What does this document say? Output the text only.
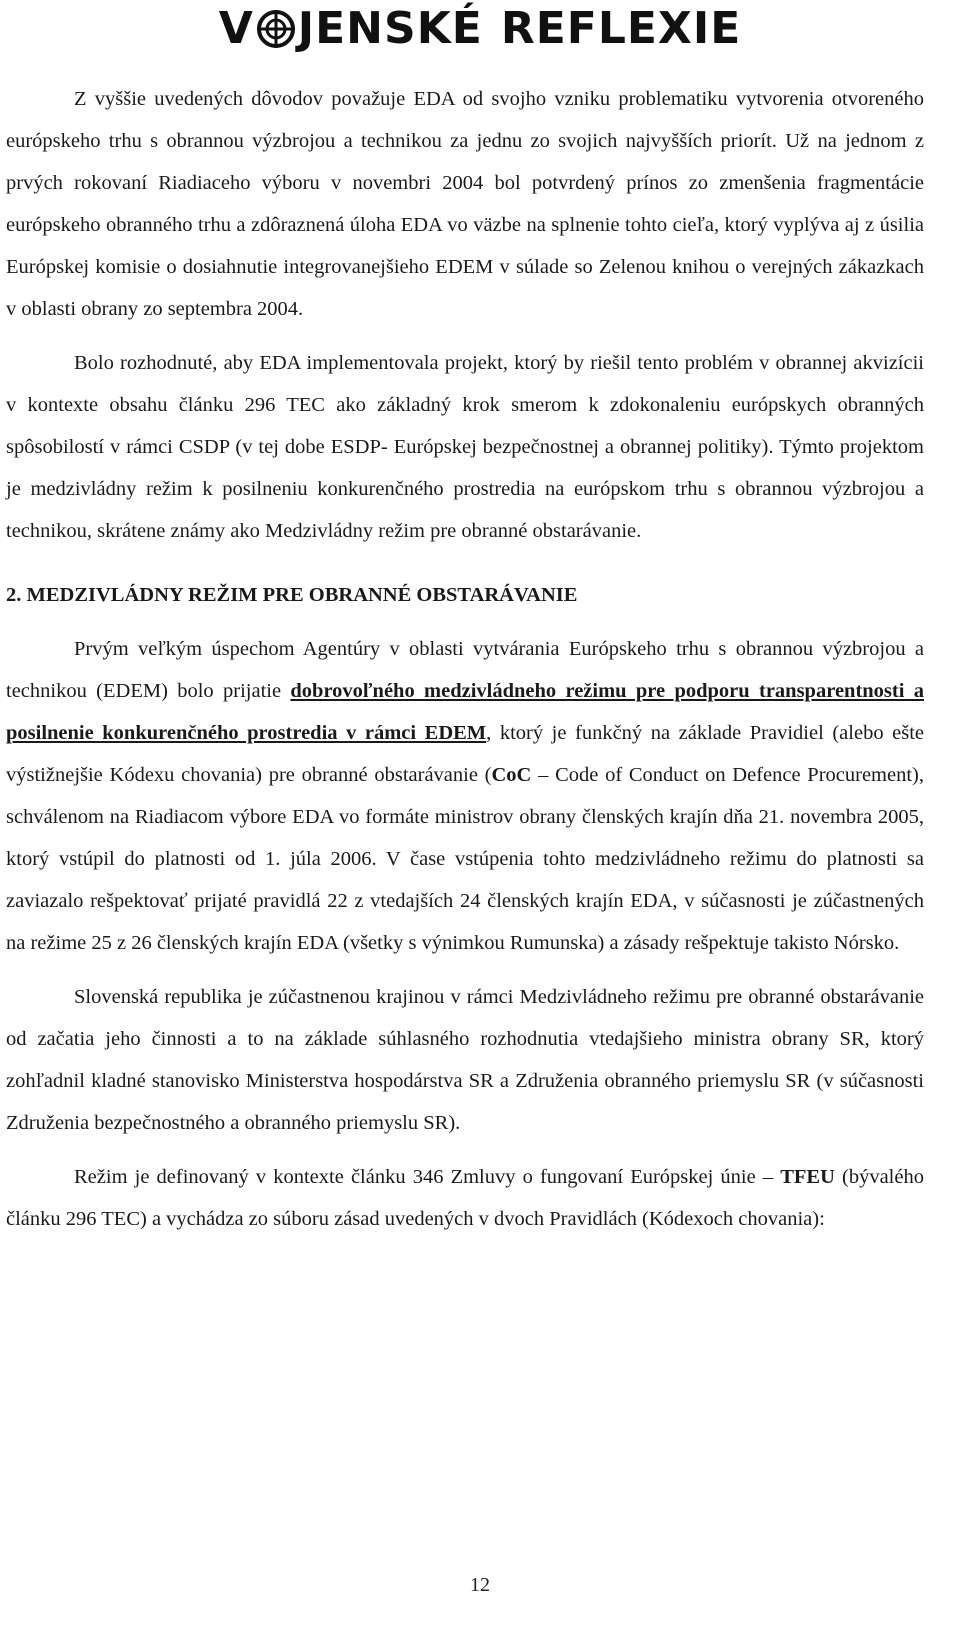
V JENSKÉ REFLEXIE

Z vyššie uvedených dôvodov považuje EDA od svojho vzniku problematiku vytvorenia otvoreného európskeho trhu s obrannou výzbrojou a technikou za jednu zo svojich najvyšších priorít. Už na jednom z prvých rokovaní Riadiaceho výboru v novembri 2004 bol potvrdený prínos zo zmenšenia fragmentácie európskeho obranného trhu a zdôraznená úloha EDA vo väzbe na splnenie tohto cieľa, ktorý vyplýva aj z úsilia Európskej komisie o dosiahnutie integrovanejšieho EDEM v súlade so Zelenou knihou o verejných zákazkach v oblasti obrany zo septembra 2004.

Bolo rozhodnuté, aby EDA implementovala projekt, ktorý by riešil tento problém v obrannej akvizícii v kontexte obsahu článku 296 TEC ako základný krok smerom k zdokonaleniu európskych obranných spôsobilostí v rámci CSDP (v tej dobe ESDP- Európskej bezpečnostnej a obrannej politiky). Týmto projektom je medzivládny režim k posilneniu konkurenčného prostredia na európskom trhu s obrannou výzbrojou a technikou, skrátene známy ako Medzivládny režim pre obranné obstarávanie.

2. MEDZIVLÁDNY REŽIM PRE OBRANNÉ OBSTARÁVANIE

Prvým veľkým úspechom Agentúry v oblasti vytvárania Európskeho trhu s obrannou výzbrojou a technikou (EDEM) bolo prijatie dobrovoľného medzivládneho režimu pre podporu transparentnosti a posilnenie konkurenčného prostredia v rámci EDEM, ktorý je funkčný na základe Pravidiel (alebo ešte výstižnejšie Kódexu chovania) pre obranné obstarávanie (CoC – Code of Conduct on Defence Procurement), schválenom na Riadiacom výbore EDA vo formáte ministrov obrany členských krajín dňa 21. novembra 2005, ktorý vstúpil do platnosti od 1. júla 2006. V čase vstúpenia tohto medzivládneho režimu do platnosti sa zaviazalo rešpektovať prijaté pravidlá 22 z vtedajších 24 členských krajín EDA, v súčasnosti je zúčastnených na režime 25 z 26 členských krajín EDA (všetky s výnimkou Rumunska) a zásady rešpektuje takisto Nórsko.

Slovenská republika je zúčastnenou krajinou v rámci Medzivládneho režimu pre obranné obstarávanie od začatia jeho činnosti a to na základe súhlasného rozhodnutia vtedajšieho ministra obrany SR, ktorý zohľadnil kladné stanovisko Ministerstva hospodárstva SR a Združenia obranného priemyslu SR (v súčasnosti Združenia bezpečnostného a obranného priemyslu SR).

Režim je definovaný v kontexte článku 346 Zmluvy o fungovaní Európskej únie – TFEU (bývalého článku 296 TEC) a vychádza zo súboru zásad uvedených v dvoch Pravidlách (Kódexoch chovania):

12
